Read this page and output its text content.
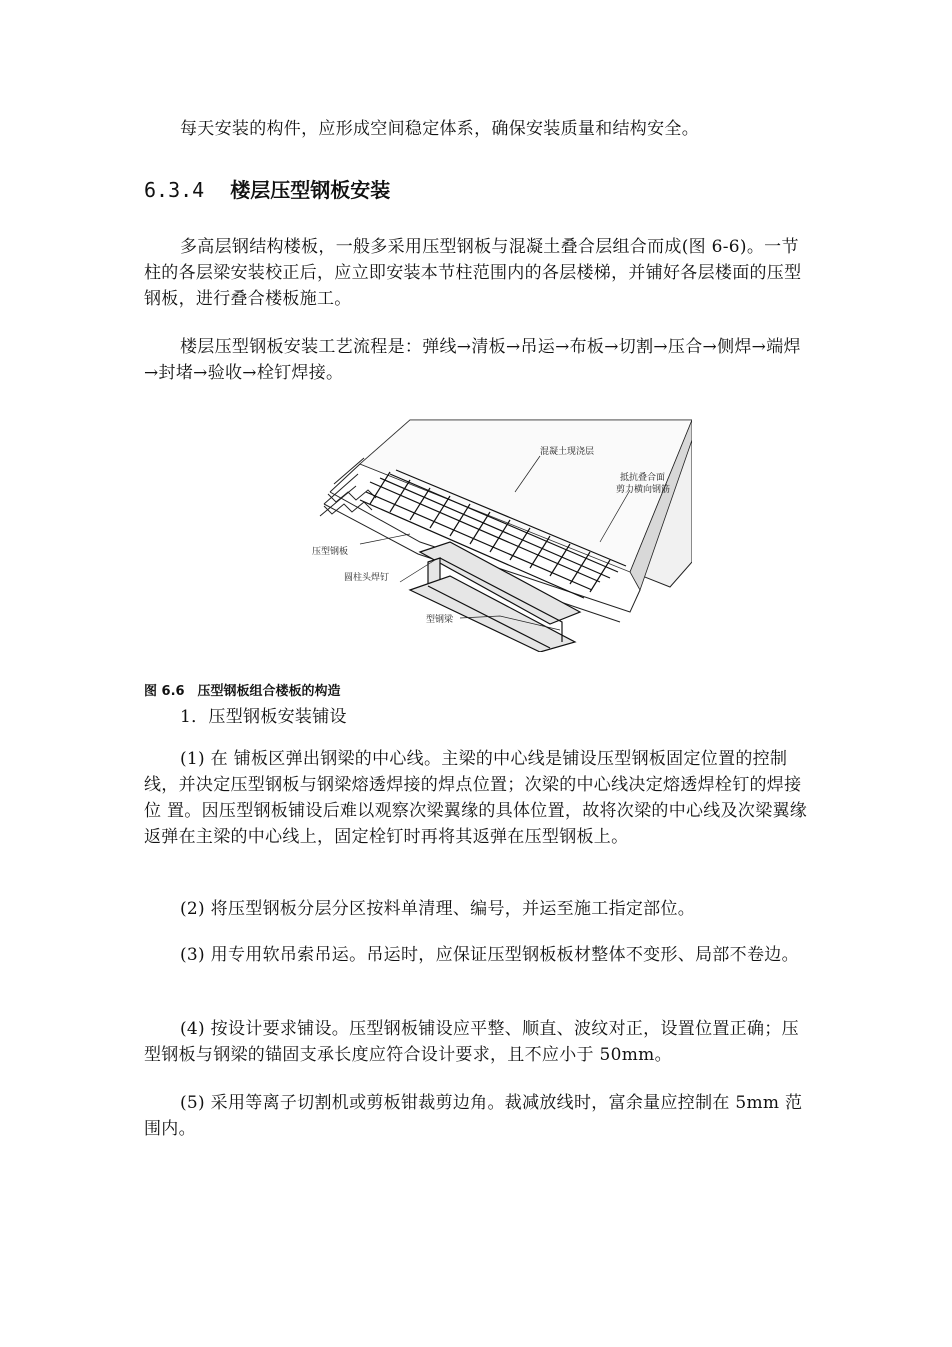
每天安装的构件，应形成空间稳定体系，确保安装质量和结构安全。

6.3.4 楼层压型钢板安装

多高层钢结构楼板，一般多采用压型钢板与混凝土叠合层组合而成(图 6-6)。一节柱的各层梁安装校正后，应立即安装本节柱范围内的各层楼梯，并铺好各层楼面的压型钢板，进行叠合楼板施工。

楼层压型钢板安装工艺流程是：弹线→清板→吊运→布板→切割→压合→侧焊→端焊→封堵→验收→栓钉焊接。

混凝土现浇层
抵抗叠合面
剪力横向钢筋
压型钢板
圆柱头焊钉
型钢梁

图 6.6　压型钢板组合楼板的构造

1．压型钢板安装铺设

(1) 在 铺板区弹出钢梁的中心线。主梁的中心线是铺设压型钢板固定位置的控制线，并决定压型钢板与钢梁熔透焊接的焊点位置；次梁的中心线决定熔透焊栓钉的焊接位 置。因压型钢板铺设后难以观察次梁翼缘的具体位置，故将次梁的中心线及次梁翼缘返弹在主梁的中心线上，固定栓钉时再将其返弹在压型钢板上。

(2) 将压型钢板分层分区按料单清理、编号，并运至施工指定部位。

(3) 用专用软吊索吊运。吊运时，应保证压型钢板板材整体不变形、局部不卷边。

(4) 按设计要求铺设。压型钢板铺设应平整、顺直、波纹对正，设置位置正确；压型钢板与钢梁的锚固支承长度应符合设计要求，且不应小于 50mm。

(5) 采用等离子切割机或剪板钳裁剪边角。裁减放线时，富余量应控制在 5mm 范围内。
